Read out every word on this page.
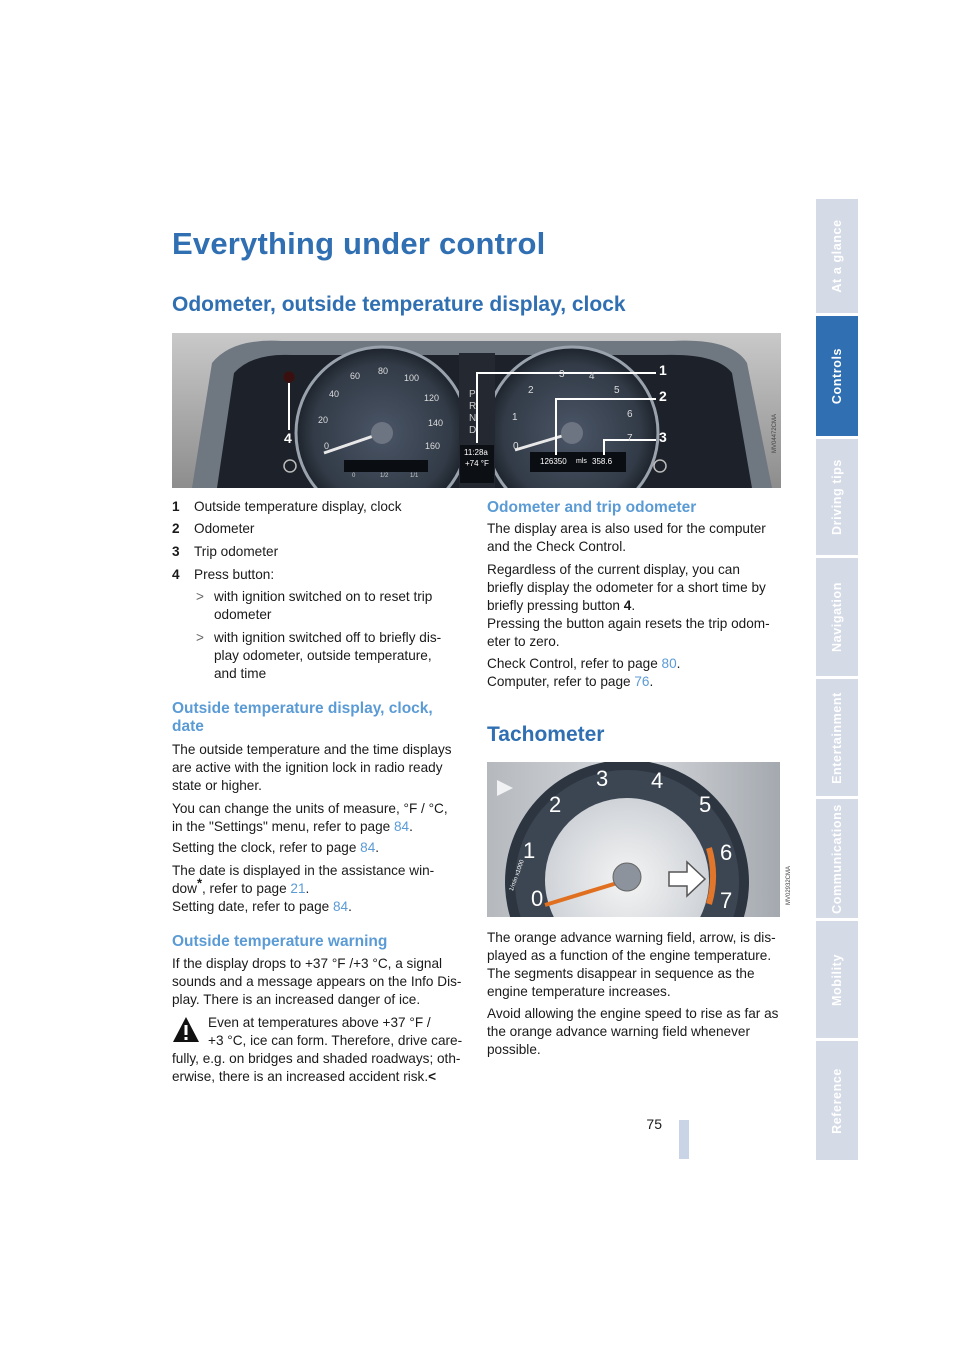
At a glance
Controls
Driving tips
Navigation
Entertainment
Communications
Mobility
Reference
Everything under control
Odometer, outside temperature display, clock
0
20
40
60 80
100
120
140
160	0
1
2
3 4
5
6
7
P
R
N
D
11:28a
+74 °F	126350 mls 358.6
0	1/2	1/1
1
2
3
4	MV04472CMA
1 Outside temperature display, clock
2 Odometer
3 Trip odometer
4 Press button:
> with ignition switched on to reset trip
odometer
> with ignition switched off to briefly dis-
play odometer, outside temperature,
and time
Outside temperature display, clock,
date
The outside temperature and the time displays
are active with the ignition lock in radio ready
state or higher.
You can change the units of measure, °F / °C,
in the "Settings" menu, refer to page 84.
Setting the clock, refer to page 84.
The date is displayed in the assistance win-
dow*, refer to page 21.
Setting date, refer to page 84.
Outside temperature warning
If the display drops to +37 °F /+3 °C, a signal
sounds and a message appears on the Info Dis-
play. There is an increased danger of ice.
Even at temperatures above +37 °F /
+3 °C, ice can form. Therefore, drive care-
fully, e.g. on bridges and shaded roadways; oth-
erwise, there is an increased accident risk.<
Odometer and trip odometer
The display area is also used for the computer
and the Check Control.
Regardless of the current display, you can
briefly display the odometer for a short time by
briefly pressing button 4.
Pressing the button again resets the trip odom-
eter to zero.
Check Control, refer to page 80.
Computer, refer to page 76.
Tachometer
0
1
2
3 4
5
6
7
1/min x1000	MV02932CMA
The orange advance warning field, arrow, is dis-
played as a function of the engine temperature.
The segments disappear in sequence as the
engine temperature increases.
Avoid allowing the engine speed to rise as far as
the orange advance warning field whenever
possible.
75
